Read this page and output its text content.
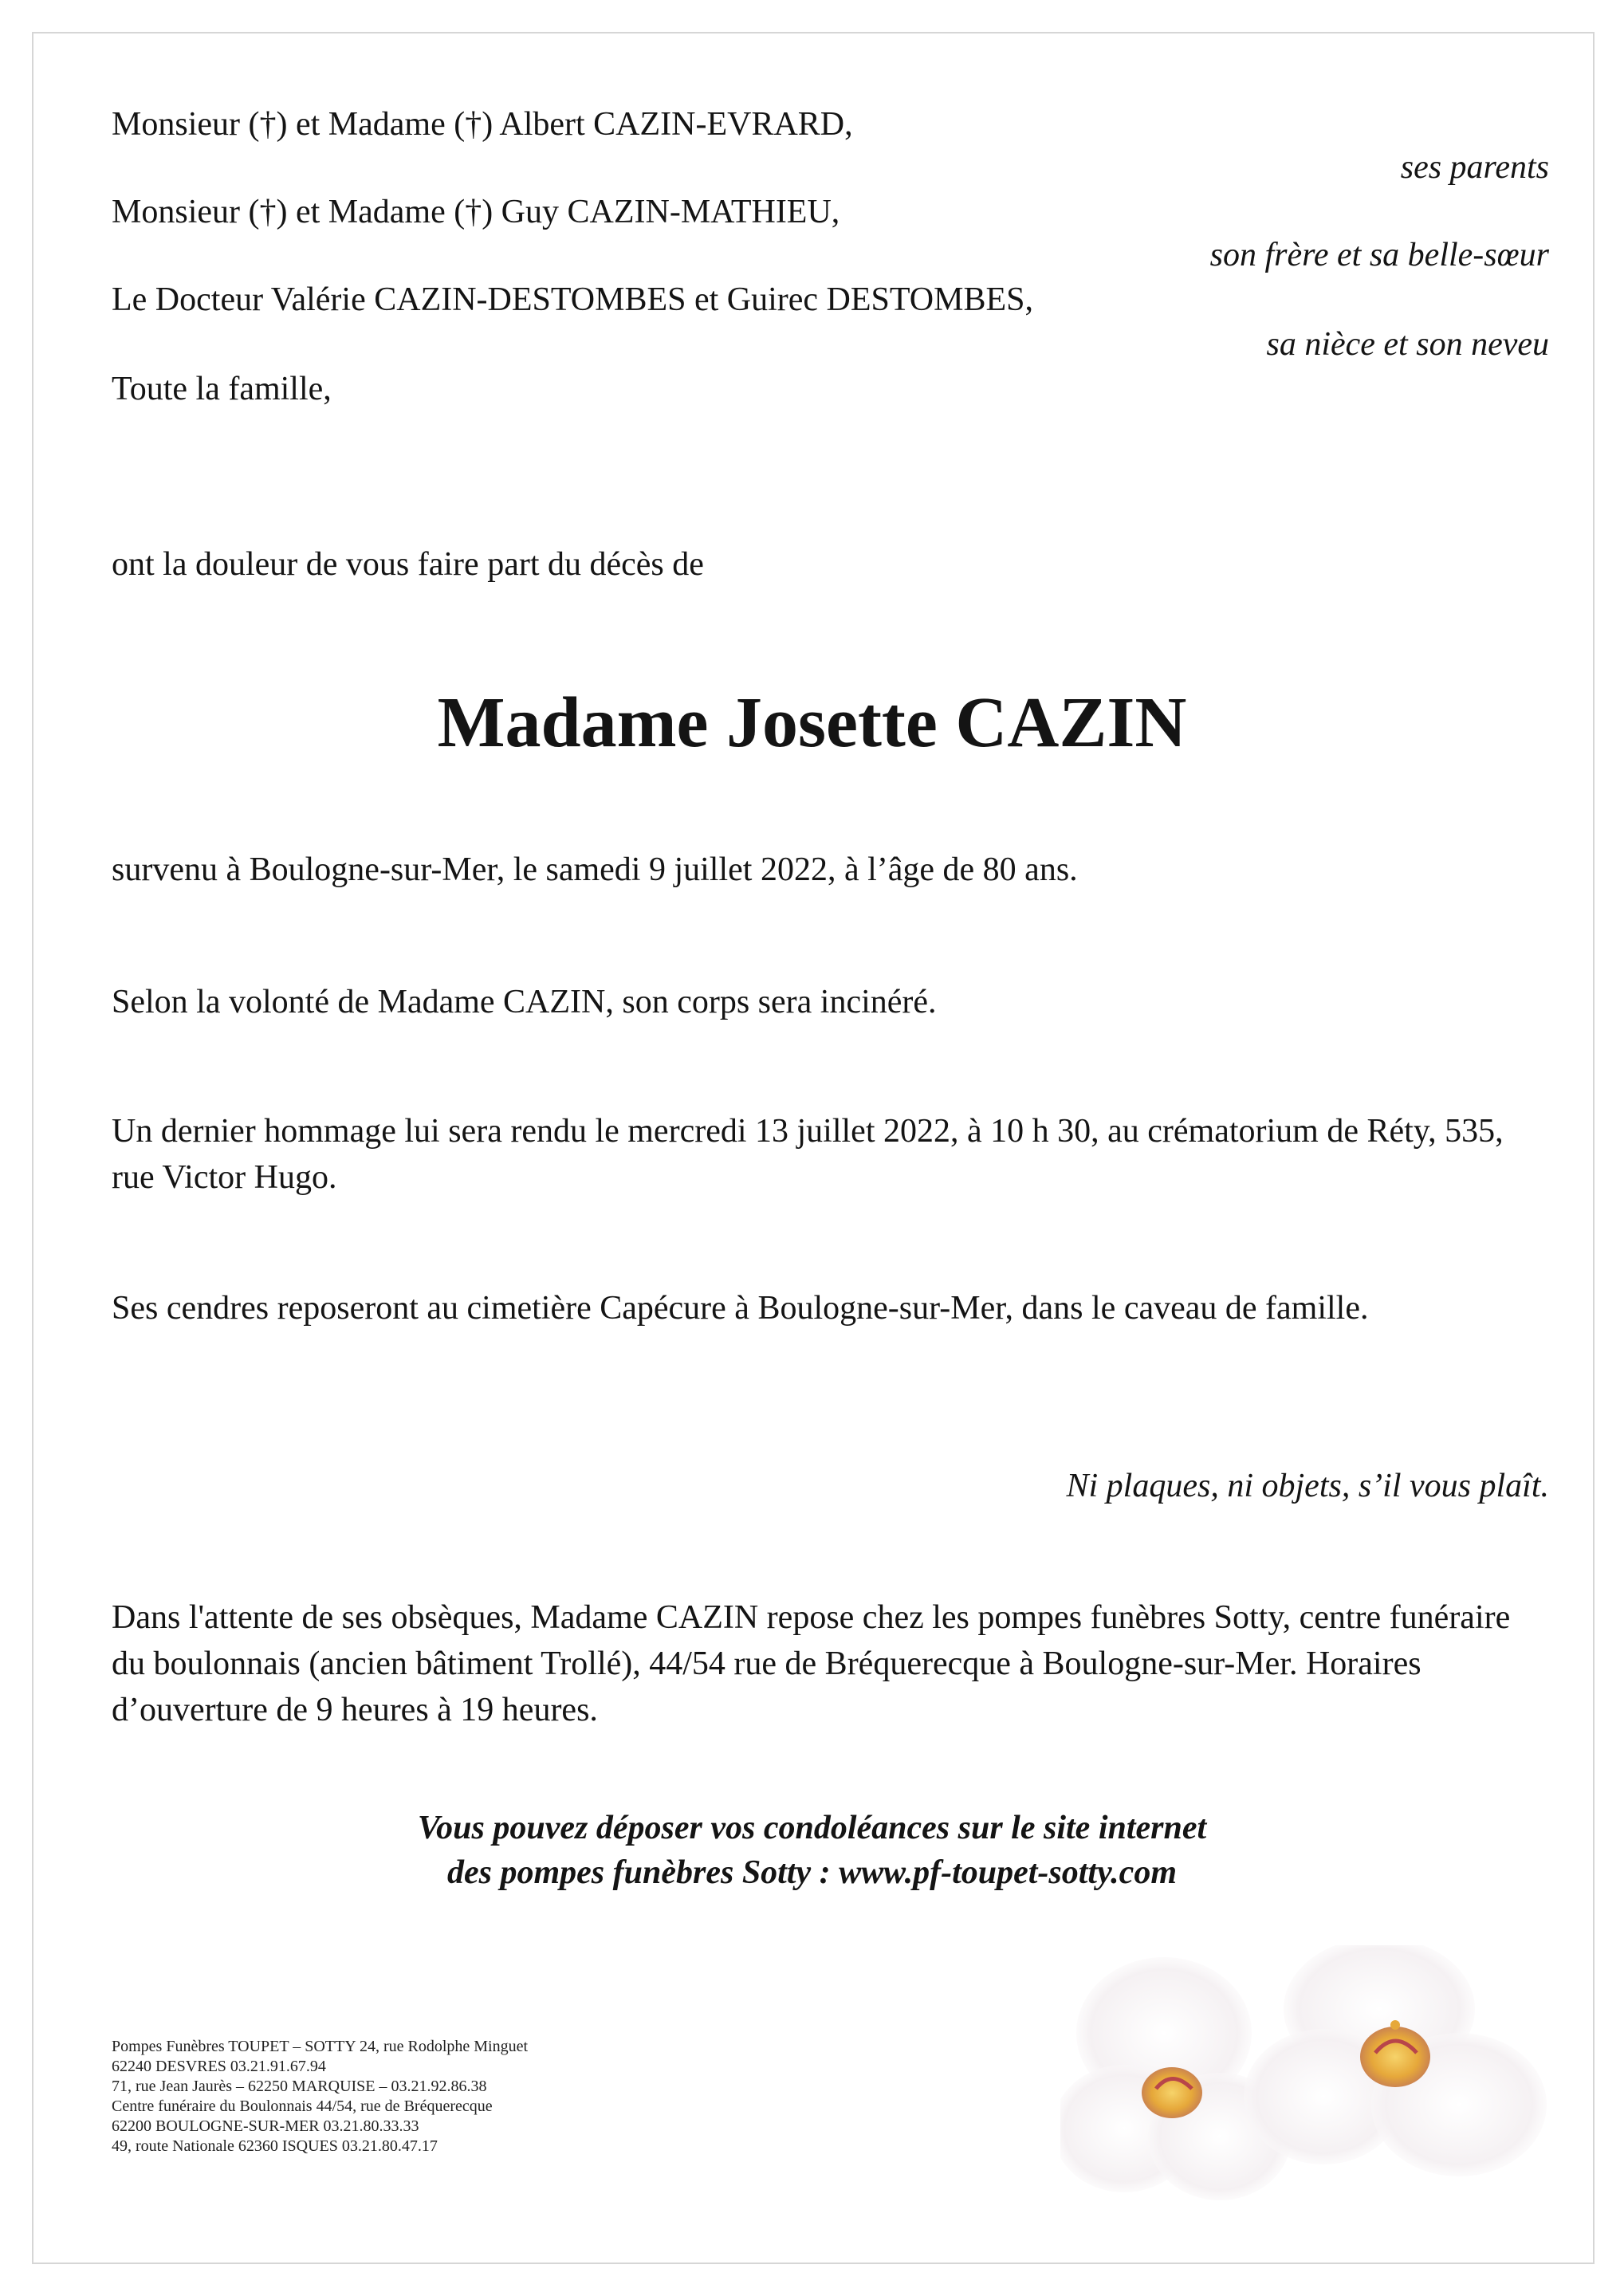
Monsieur (†) et Madame (†) Albert CAZIN-EVRARD,
ses parents
Monsieur (†) et Madame (†) Guy CAZIN-MATHIEU,
son frère et sa belle-sœur
Le Docteur Valérie CAZIN-DESTOMBES et Guirec DESTOMBES,
sa nièce et son neveu
Toute la famille,
ont la douleur de vous faire part du décès de
Madame Josette CAZIN
survenu à Boulogne-sur-Mer, le samedi 9 juillet 2022, à l’âge de 80 ans.
Selon la volonté de Madame CAZIN, son corps sera incinéré.
Un dernier hommage lui sera rendu le mercredi 13 juillet 2022, à 10 h 30, au crématorium de Réty, 535, rue Victor Hugo.
Ses cendres reposeront au cimetière Capécure à Boulogne-sur-Mer, dans le caveau de famille.
Ni plaques, ni objets, s’il vous plaît.
Dans l'attente de ses obsèques, Madame CAZIN repose chez les pompes funèbres Sotty, centre funéraire du boulonnais (ancien bâtiment Trollé), 44/54 rue de Bréquerecque à Boulogne-sur-Mer. Horaires d’ouverture de 9 heures à 19 heures.
Vous pouvez déposer vos condoléances sur le site internet
des pompes funèbres Sotty : www.pf-toupet-sotty.com
Pompes Funèbres TOUPET – SOTTY 24, rue Rodolphe Minguet
62240 DESVRES 03.21.91.67.94
71, rue Jean Jaurès – 62250 MARQUISE – 03.21.92.86.38
Centre funéraire du Boulonnais 44/54, rue de Bréquerecque
62200 BOULOGNE-SUR-MER 03.21.80.33.33
49, route Nationale 62360 ISQUES 03.21.80.47.17
